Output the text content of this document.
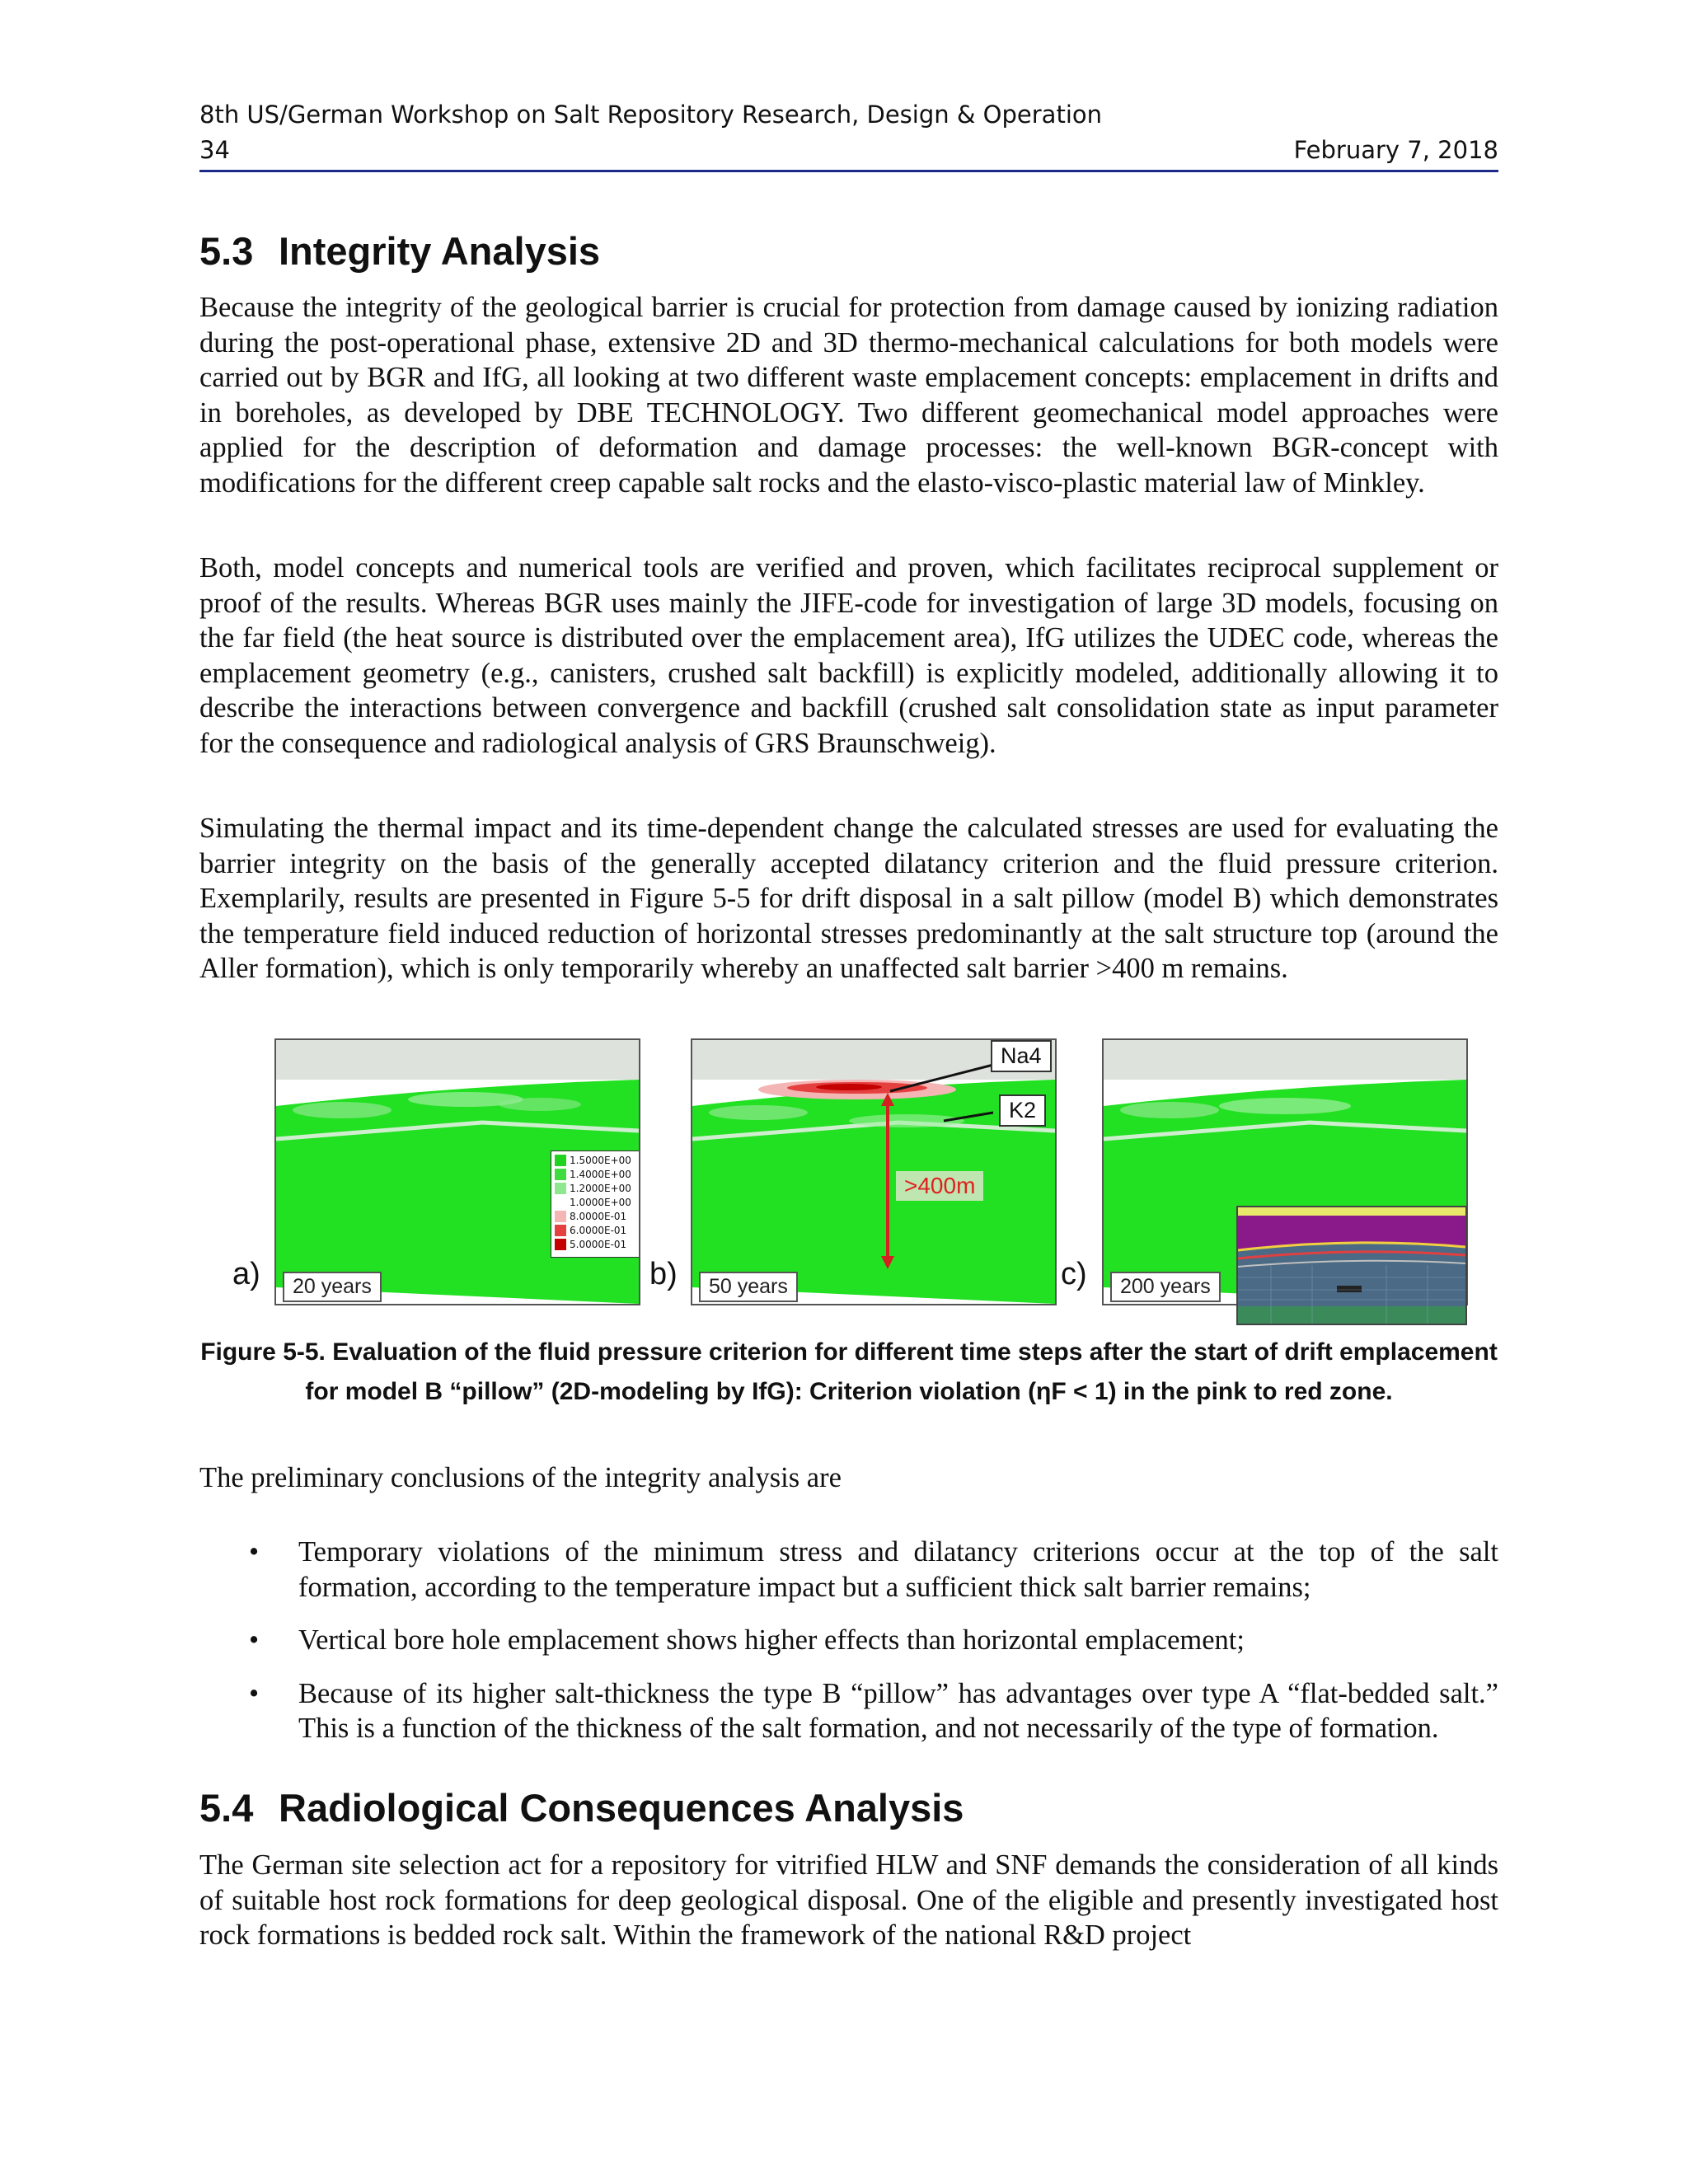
8th US/German Workshop on Salt Repository Research, Design & Operation
34	February 7, 2018
5.3 Integrity Analysis

Because the integrity of the geological barrier is crucial for protection from damage caused by ionizing radiation during the post-operational phase, extensive 2D and 3D thermo-mechanical calculations for both models were carried out by BGR and IfG, all looking at two different waste emplacement concepts: emplacement in drifts and in boreholes, as developed by DBE TECHNOLOGY. Two different geomechanical model approaches were applied for the description of deformation and damage processes: the well-known BGR-concept with modifications for the different creep capable salt rocks and the elasto-visco-plastic material law of Minkley.

Both, model concepts and numerical tools are verified and proven, which facilitates reciprocal supplement or proof of the results. Whereas BGR uses mainly the JIFE-code for investigation of large 3D models, focusing on the far field (the heat source is distributed over the emplacement area), IfG utilizes the UDEC code, whereas the emplacement geometry (e.g., canisters, crushed salt backfill) is explicitly modeled, additionally allowing it to describe the interactions between convergence and backfill (crushed salt consolidation state as input parameter for the consequence and radiological analysis of GRS Braunschweig).

Simulating the thermal impact and its time-dependent change the calculated stresses are used for evaluating the barrier integrity on the basis of the generally accepted dilatancy criterion and the fluid pressure criterion. Exemplarily, results are presented in Figure 5-5 for drift disposal in a salt pillow (model B) which demonstrates the temperature field induced reduction of horizontal stresses predominantly at the salt structure top (around the Aller formation), which is only temporarily whereby an unaffected salt barrier >400 m remains.

1.5000E+00
1.4000E+00
1.2000E+00
1.0000E+00
8.0000E-01
6.0000E-01
5.0000E-01
20 years
a)	50 years
b)
Na4
K2
>400m
200 years
c)

Figure 5-5. Evaluation of the fluid pressure criterion for different time steps after the start of drift emplacement for model B “pillow” (2D-modeling by IfG): Criterion violation (ηF < 1) in the pink to red zone.

The preliminary conclusions of the integrity analysis are

• Temporary violations of the minimum stress and dilatancy criterions occur at the top of the salt formation, according to the temperature impact but a sufficient thick salt barrier remains;
• Vertical bore hole emplacement shows higher effects than horizontal emplacement;
• Because of its higher salt-thickness the type B “pillow” has advantages over type A “flat-bedded salt.” This is a function of the thickness of the salt formation, and not necessarily of the type of formation.
5.4 Radiological Consequences Analysis

The German site selection act for a repository for vitrified HLW and SNF demands the consideration of all kinds of suitable host rock formations for deep geological disposal. One of the eligible and presently investigated host rock formations is bedded rock salt. Within the framework of the national R&D project
